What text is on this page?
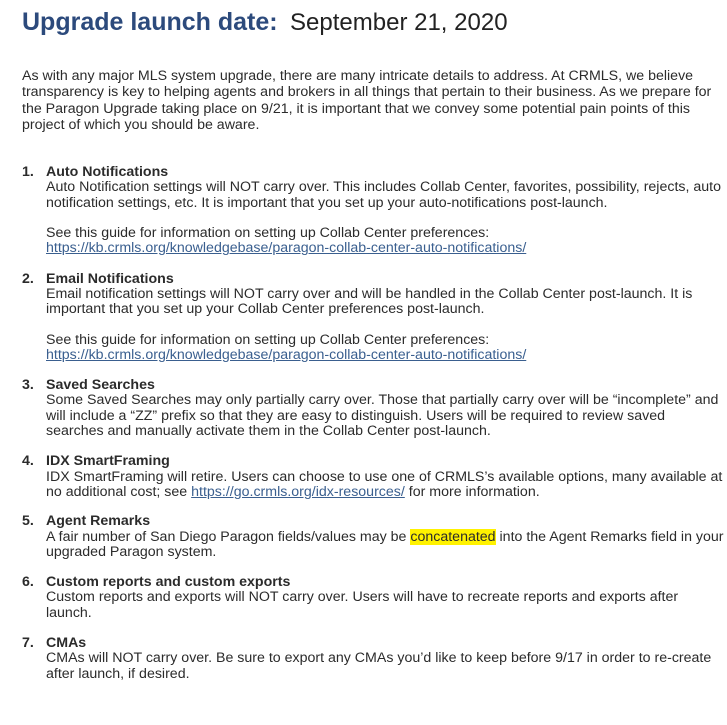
Upgrade launch date: September 21, 2020

As with any major MLS system upgrade, there are many intricate details to address. At CRMLS, we believe transparency is key to helping agents and brokers in all things that pertain to their business. As we prepare for the Paragon Upgrade taking place on 9/21, it is important that we convey some potential pain points of this project of which you should be aware.

1. Auto Notifications
Auto Notification settings will NOT carry over. This includes Collab Center, favorites, possibility, rejects, auto notification settings, etc. It is important that you set up your auto-notifications post-launch.
See this guide for information on setting up Collab Center preferences:
https://kb.crmls.org/knowledgebase/paragon-collab-center-auto-notifications/
2. Email Notifications
Email notification settings will NOT carry over and will be handled in the Collab Center post-launch. It is important that you set up your Collab Center preferences post-launch.
See this guide for information on setting up Collab Center preferences:
https://kb.crmls.org/knowledgebase/paragon-collab-center-auto-notifications/
3. Saved Searches
Some Saved Searches may only partially carry over. Those that partially carry over will be “incomplete” and will include a “ZZ” prefix so that they are easy to distinguish. Users will be required to review saved searches and manually activate them in the Collab Center post-launch.
4. IDX SmartFraming
IDX SmartFraming will retire. Users can choose to use one of CRMLS’s available options, many available at no additional cost; see https://go.crmls.org/idx-resources/ for more information.
5. Agent Remarks
A fair number of San Diego Paragon fields/values may be concatenated into the Agent Remarks field in your upgraded Paragon system.
6. Custom reports and custom exports
Custom reports and exports will NOT carry over. Users will have to recreate reports and exports after launch.
7. CMAs
CMAs will NOT carry over. Be sure to export any CMAs you’d like to keep before 9/17 in order to re-create after launch, if desired.
